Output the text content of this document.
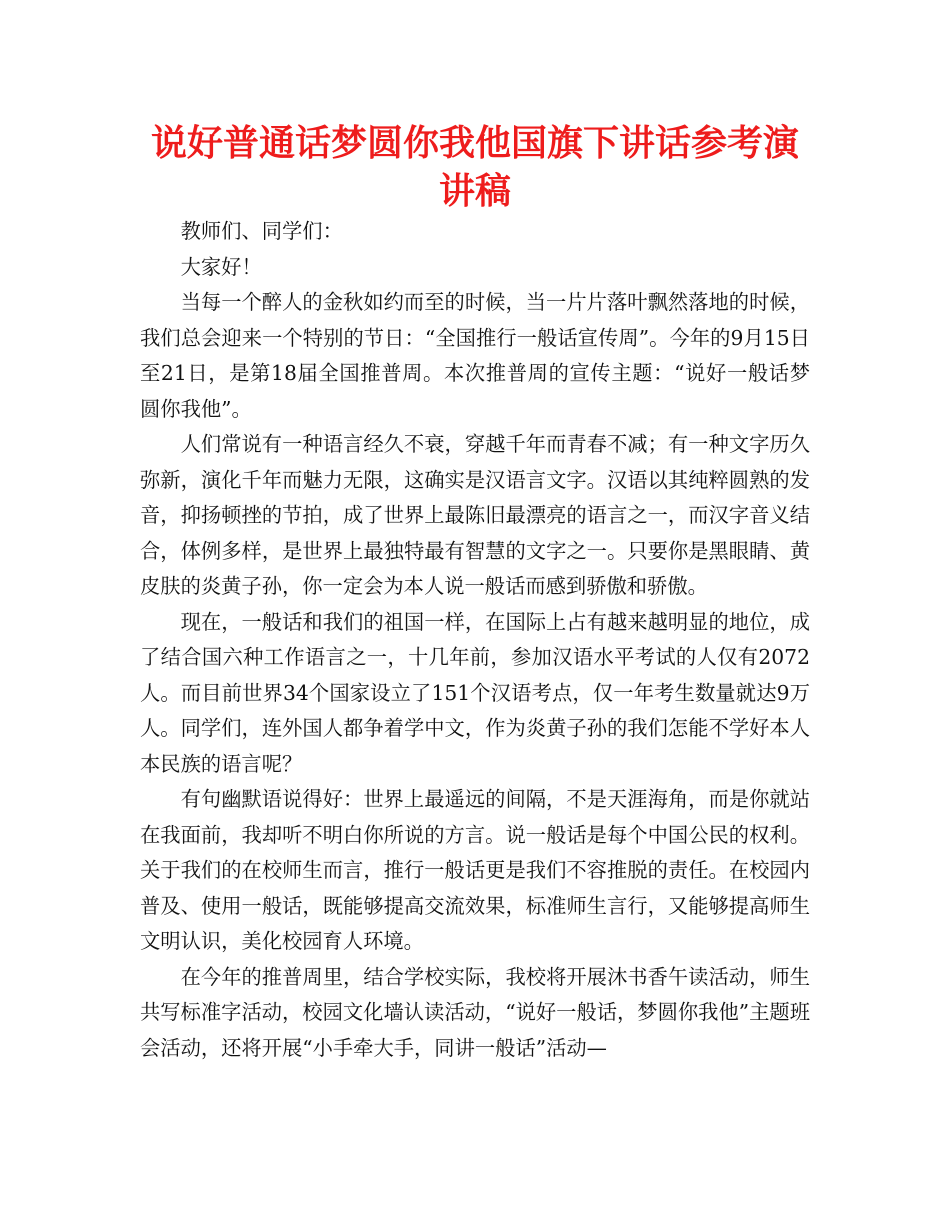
说好普通话梦圆你我他国旗下讲话参考演讲稿

教师们、同学们：

大家好！

当每一个醉人的金秋如约而至的时候，当一片片落叶飘然落地的时候，我们总会迎来一个特别的节日：“全国推行一般话宣传周”。今年的9月15日至21日，是第18届全国推普周。本次推普周的宣传主题：“说好一般话梦圆你我他”。

人们常说有一种语言经久不衰，穿越千年而青春不减；有一种文字历久弥新，演化千年而魅力无限，这确实是汉语言文字。汉语以其纯粹圆熟的发音，抑扬顿挫的节拍，成了世界上最陈旧最漂亮的语言之一，而汉字音义结合，体例多样，是世界上最独特最有智慧的文字之一。只要你是黑眼睛、黄皮肤的炎黄子孙，你一定会为本人说一般话而感到骄傲和骄傲。

现在，一般话和我们的祖国一样，在国际上占有越来越明显的地位，成了结合国六种工作语言之一，十几年前，参加汉语水平考试的人仅有2072人。而目前世界34个国家设立了151个汉语考点，仅一年考生数量就达9万人。同学们，连外国人都争着学中文，作为炎黄子孙的我们怎能不学好本人本民族的语言呢？

有句幽默语说得好：世界上最遥远的间隔，不是天涯海角，而是你就站在我面前，我却听不明白你所说的方言。说一般话是每个中国公民的权利。关于我们的在校师生而言，推行一般话更是我们不容推脱的责任。在校园内普及、使用一般话，既能够提高交流效果，标准师生言行，又能够提高师生文明认识，美化校园育人环境。

在今年的推普周里，结合学校实际，我校将开展沐书香午读活动，师生共写标准字活动，校园文化墙认读活动，“说好一般话，梦圆你我他”主题班会活动，还将开展“小手牵大手，同讲一般话”活动—
